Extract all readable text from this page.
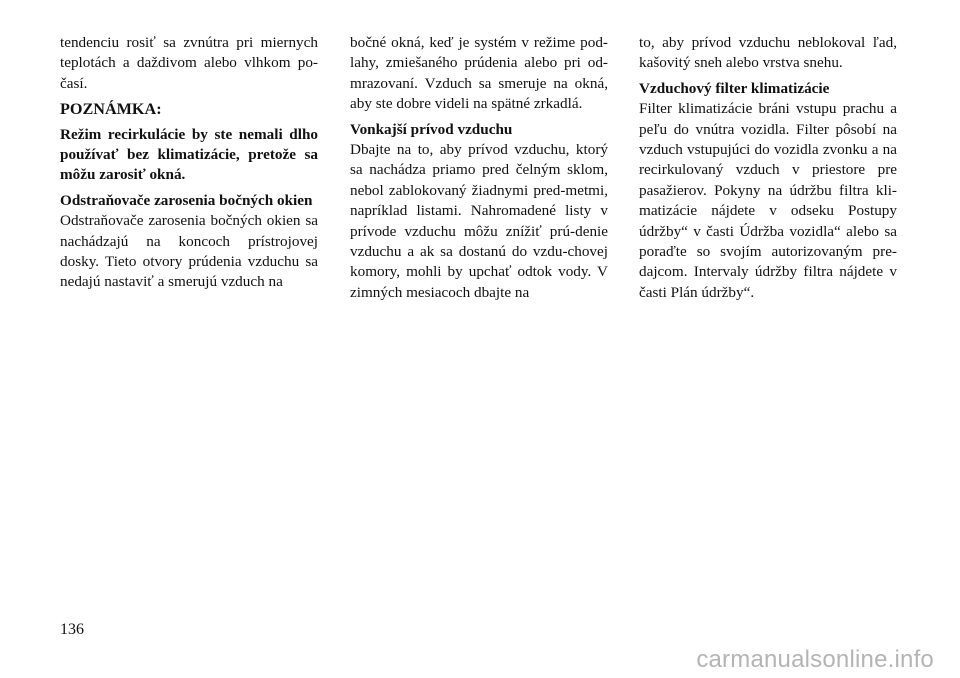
tendenciu rosiť sa zvnútra pri miernych teplotách a daždivom alebo vlhkom po-časí.

POZNÁMKA:

Režim recirkulácie by ste nemali dlho používať bez klimatizácie, pretože sa môžu zarosiť okná.

Odstraňovače zarosenia bočných okien
Odstraňovače zarosenia bočných okien sa nachádzajú na koncoch prístrojovej dosky. Tieto otvory prúdenia vzduchu sa nedajú nastaviť a smerujú vzduch na

bočné okná, keď je systém v režime pod-lahy, zmiešaného prúdenia alebo pri od-mrazovaní. Vzduch sa smeruje na okná, aby ste dobre videli na spätné zrkadlá.

Vonkajší prívod vzduchu
Dbajte na to, aby prívod vzduchu, ktorý sa nachádza priamo pred čelným sklom, nebol zablokovaný žiadnymi pred-metmi, napríklad listami. Nahromadené listy v prívode vzduchu môžu znížiť prú-denie vzduchu a ak sa dostanú do vzdu-chovej komory, mohli by upchať odtok vody. V zimných mesiacoch dbajte na

to, aby prívod vzduchu neblokoval ľad, kašovitý sneh alebo vrstva snehu.

Vzduchový filter klimatizácie
Filter klimatizácie bráni vstupu prachu a peľu do vnútra vozidla. Filter pôsobí na vzduch vstupujúci do vozidla zvonku a na recirkulovaný vzduch v priestore pre pasažierov. Pokyny na údržbu filtra kli-matizácie nájdete v odseku Postupy údržby“ v časti Údržba vozidla“ alebo sa poraďte so svojím autorizovaným pre-dajcom. Intervaly údržby filtra nájdete v časti Plán údržby“.

136
carmanualsonline.info
